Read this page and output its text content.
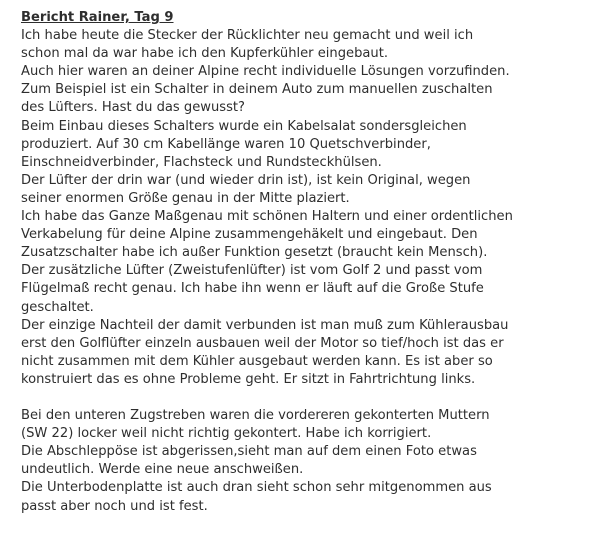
Bericht Rainer, Tag 9
Ich habe heute die Stecker der Rücklichter neu gemacht und weil ich
schon mal da war habe ich den Kupferkühler eingebaut.
Auch hier waren an deiner Alpine recht individuelle Lösungen vorzufinden.
Zum Beispiel ist ein Schalter in deinem Auto zum manuellen zuschalten
des Lüfters. Hast du das gewusst?
Beim Einbau dieses Schalters wurde ein Kabelsalat sondersgleichen
produziert. Auf 30 cm Kabellänge waren 10 Quetschverbinder,
Einschneidverbinder, Flachsteck und Rundsteckhülsen.
Der Lüfter der drin war (und wieder drin ist), ist kein Original, wegen
seiner enormen Größe genau in der Mitte plaziert.
Ich habe das Ganze Maßgenau mit schönen Haltern und einer ordentlichen
Verkabelung für deine Alpine zusammengehäkelt und eingebaut. Den
Zusatzschalter habe ich außer Funktion gesetzt (braucht kein Mensch).
Der zusätzliche Lüfter (Zweistufenlüfter) ist vom Golf 2 und passt vom
Flügelmaß recht genau. Ich habe ihn wenn er läuft auf die Große Stufe
geschaltet.
Der einzige Nachteil der damit verbunden ist man muß zum Kühlerausbau
erst den Golflüfter einzeln ausbauen weil der Motor so tief/hoch ist das er
nicht zusammen mit dem Kühler ausgebaut werden kann. Es ist aber so
konstruiert das es ohne Probleme geht. Er sitzt in Fahrtrichtung links.
Bei den unteren Zugstreben waren die vordereren gekonterten Muttern
(SW 22) locker weil nicht richtig gekontert. Habe ich korrigiert.
Die Abschleppöse ist abgerissen,sieht man auf dem einen Foto etwas
undeutlich. Werde eine neue anschweißen.
Die Unterbodenplatte ist auch dran sieht schon sehr mitgenommen aus
passt aber noch und ist fest.
